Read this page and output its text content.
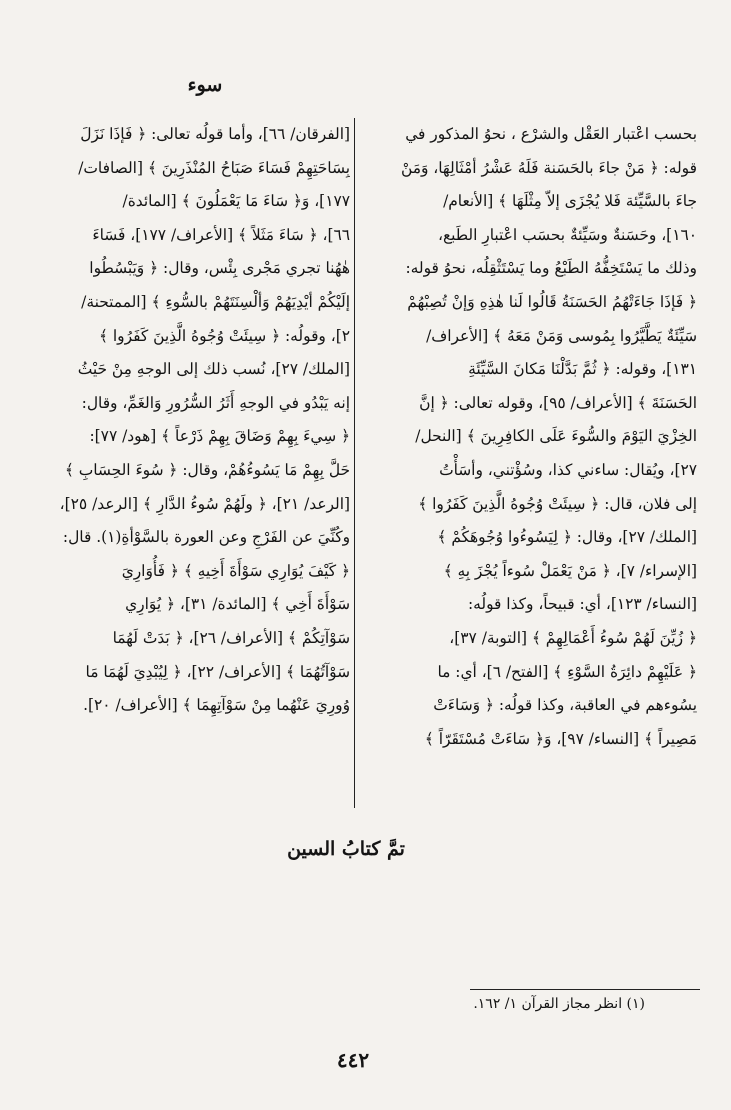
سوء
بحسب اعْتبار العَقْل والشرْع ، نحوُ المذكور في
قوله: ﴿ مَنْ جاءَ بالحَسَنة فَلَهُ عَشْرُ أمْثَالِهَا، وَمَنْ
جاءَ بالسَّيِّئة فَلا يُجْزَى إلاّ مِثْلَهَا ﴾ [الأنعام/
١٦٠]، وحَسَنةٌ وسَيِّئةٌ بحسَب اعْتبارِ الطَبع،
وذلك ما يَسْتَخِفُّهُ الطَبْعُ وما يَسْتَثْقِلُه، نحوُ قوله:
﴿ فَإذَا جَاءَتْهُمُ الحَسَنَةُ قَالُوا لَنا هٰذِهِ وَإنْ تُصِبْهُمْ
سَيِّئَةٌ يَطَّيَّرُوا بِمُوسى وَمَنْ مَعَهُ ﴾ [الأعراف/
١٣١]، وقوله: ﴿ ثُمَّ بَدَّلْنَا مَكانَ السَّيِّئَةِ
الحَسَنَةَ ﴾ [الأعراف/ ٩٥]، وقوله تعالى: ﴿ إنَّ
الخِزْيَ اليَوْمَ والسُّوءَ عَلَى الكافِرِينَ ﴾ [النحل/
٢٧]، ويُقال: ساءني كذا، وسُؤْتني، وأسَأْتُ
إلى فلان، قال: ﴿ سِيئَتْ وُجُوهُ الَّذِينَ كَفَرُوا ﴾
[الملك/ ٢٧]، وقال: ﴿ لِيَسُوءُوا وُجُوهَكُمْ ﴾
[الإسراء/ ٧]، ﴿ مَنْ يَعْمَلْ سُوءاً يُجْزَ بِهِ ﴾
[النساء/ ١٢٣]، أي: قبيحاً، وكذا قولُه:
﴿ زُيِّنَ لَهُمْ سُوءُ أَعْمَالِهِمْ ﴾ [التوبة/ ٣٧]،
﴿ عَلَيْهِمْ دائِرَةُ السَّوْءِ ﴾ [الفتح/ ٦]، أي: ما
يسُوءهم في العاقبة، وكذا قولُه: ﴿ وَسَاءَتْ
مَصِيراً ﴾ [النساء/ ٩٧]، وَ﴿ سَاءَتْ مُسْتَقَرّاً ﴾
[الفرقان/ ٦٦]، وأما قولُه تعالى: ﴿ فَإذَا نَزَلَ
بِسَاحَتِهِمْ فَسَاءَ صَبَاحُ المُنْذَرِينَ ﴾ [الصافات/
١٧٧]، وَ﴿ سَاءَ مَا يَعْمَلُونَ ﴾ [المائدة/
٦٦]، ﴿ سَاءَ مَثَلاً ﴾ [الأعراف/ ١٧٧]، فَسَاءَ
هٰهُنا تجري مَجْرى بِئْس، وقال: ﴿ وَيَبْسُطُوا
إلَيْكُمْ أيْدِيَهُمْ وَألْسِنَتَهُمْ بالسُّوءِ ﴾ [الممتحنة/
٢]، وقولُه: ﴿ سِيئَتْ وُجُوهُ الَّذِينَ كَفَرُوا ﴾
[الملك/ ٢٧]، نُسب ذلك إلى الوجهِ مِنْ حَيْثُ
إنه يَبْدُو في الوجهِ أَثَرُ السُّرُورِ وَالغَمِّ، وقال:
﴿ سِيءَ بِهِمْ وَضَاقَ بِهِمْ ذَرْعاً ﴾ [هود/ ٧٧]:
حَلَّ بِهِمْ مَا يَسُوءُهُمْ، وقال: ﴿ سُوءَ الحِسَابِ ﴾
[الرعد/ ٢١]، ﴿ ولَهُمْ سُوءُ الدَّارِ ﴾ [الرعد/ ٢٥]،
وكُنِّيَ عن الفَرْجِ وعن العورة بالسَّوْأةِ(١). قال:
﴿ كَيْفَ يُوَارِي سَوْأَةَ أَخِيهِ ﴾ ﴿ فَأُوَارِيَ
سَوْأَةَ أَخِي ﴾ [المائدة/ ٣١]، ﴿ يُوَارِي
سَوْآتِكُمْ ﴾ [الأعراف/ ٢٦]، ﴿ بَدَتْ لَهُمَا
سَوْآتُهُمَا ﴾ [الأعراف/ ٢٢]، ﴿ لِيُبْدِيَ لَهُمَا مَا
وُورِيَ عَنْهُما مِنْ سَوْآتِهِمَا ﴾ [الأعراف/ ٢٠].
تمَّ كتابُ السين
(١) انظر مجاز القرآن ١/ ١٦٢.
٤٤٢
